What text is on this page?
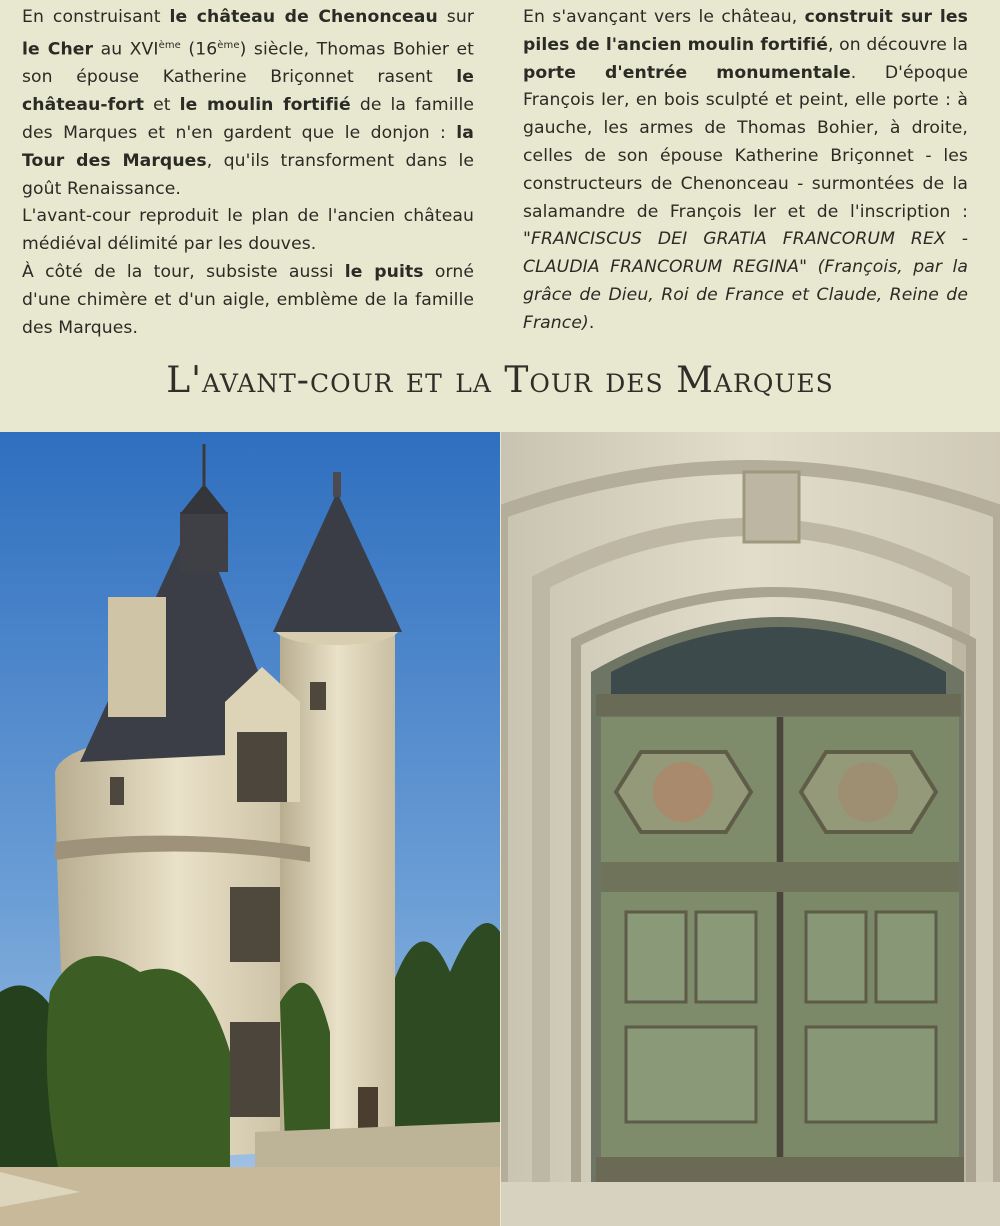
En construisant le château de Chenonceau sur le Cher au XVIème (16ème) siècle, Thomas Bohier et son épouse Katherine Briçonnet rasent le château-fort et le moulin fortifié de la famille des Marques et n'en gardent que le donjon : la Tour des Marques, qu'ils transforment dans le goût Renaissance.

L'avant-cour reproduit le plan de l'ancien château médiéval délimité par les douves.

À côté de la tour, subsiste aussi le puits orné d'une chimère et d'un aigle, emblème de la famille des Marques.

En s'avançant vers le château, construit sur les piles de l'ancien moulin fortifié, on découvre la porte d'entrée monumentale. D'époque François Ier, en bois sculpté et peint, elle porte : à gauche, les armes de Thomas Bohier, à droite, celles de son épouse Katherine Briçonnet - les constructeurs de Chenonceau - surmontées de la salamandre de François Ier et de l'inscription : "FRANCISCUS DEI GRATIA FRANCORUM REX - CLAUDIA FRANCORUM REGINA" (François, par la grâce de Dieu, Roi de France et Claude, Reine de France).

L'avant-cour et la Tour des Marques
